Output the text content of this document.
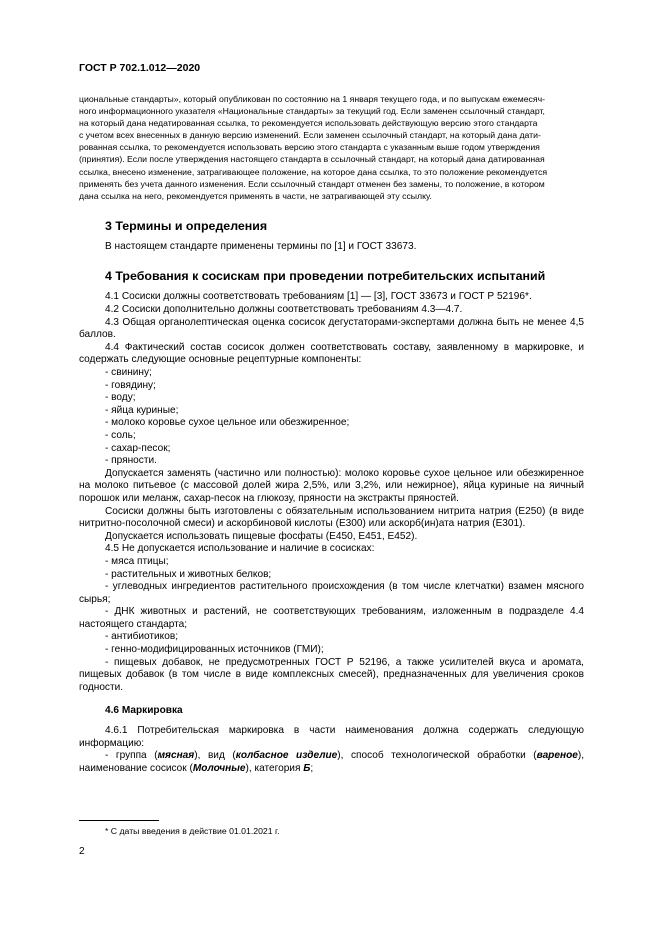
ГОСТ Р 702.1.012—2020

циональные стандарты», который опубликован по состоянию на 1 января текущего года, и по выпускам ежемесяч-

ного информационного указателя «Национальные стандарты» за текущий год. Если заменен ссылочный стандарт,

на который дана недатированная ссылка, то рекомендуется использовать действующую версию этого стандарта

с учетом всех внесенных в данную версию изменений. Если заменен ссылочный стандарт, на который дана дати-

рованная ссылка, то рекомендуется использовать версию этого стандарта с указанным выше годом утверждения

(принятия). Если после утверждения настоящего стандарта в ссылочный стандарт, на который дана датированная

ссылка, внесено изменение, затрагивающее положение, на которое дана ссылка, то это положение рекомендуется

применять без учета данного изменения. Если ссылочный стандарт отменен без замены, то положение, в котором

дана ссылка на него, рекомендуется применять в части, не затрагивающей эту ссылку.

3 Термины и определения

В настоящем стандарте применены термины по [1] и ГОСТ 33673.

4 Требования к сосискам при проведении потребительских испытаний

4.1 Сосиски должны соответствовать требованиям [1] — [3], ГОСТ 33673 и ГОСТ Р 52196*.

4.2 Сосиски дополнительно должны соответствовать требованиям 4.3—4.7.

4.3 Общая органолептическая оценка сосисок дегустаторами-экспертами должна быть не менее 4,5 баллов.

4.4 Фактический состав сосисок должен соответствовать составу, заявленному в маркировке, и содержать следующие основные рецептурные компоненты:

- свинину;

- говядину;

- воду;

- яйца куриные;

- молоко коровье сухое цельное или обезжиренное;

- соль;

- сахар-песок;

- пряности.

Допускается заменять (частично или полностью): молоко коровье сухое цельное или обезжиренное на молоко питьевое (с массовой долей жира 2,5%, или 3,2%, или нежирное), яйца куриные на яичный порошок или меланж, сахар-песок на глюкозу, пряности на экстракты пряностей.

Сосиски должны быть изготовлены с обязательным использованием нитрита натрия (Е250) (в виде нитритно-посолочной смеси) и аскорбиновой кислоты (Е300) или аскорб(ин)ата натрия (Е301).

Допускается использовать пищевые фосфаты (Е450, Е451, Е452).

4.5 Не допускается использование и наличие в сосисках:

- мяса птицы;

- растительных и животных белков;

- углеводных ингредиентов растительного происхождения (в том числе клетчатки) взамен мясного сырья;

- ДНК животных и растений, не соответствующих требованиям, изложенным в подразделе 4.4 настоящего стандарта;

- антибиотиков;

- генно-модифицированных источников (ГМИ);

- пищевых добавок, не предусмотренных ГОСТ Р 52196, а также усилителей вкуса и аромата, пищевых добавок (в том числе в виде комплексных смесей), предназначенных для увеличения сроков годности.

4.6 Маркировка

4.6.1 Потребительская маркировка в части наименования должна содержать следующую информацию:

- группа (мясная), вид (колбасное изделие), способ технологической обработки (вареное), наименование сосисок (Молочные), категория Б;

* С даты введения в действие 01.01.2021 г.
2
